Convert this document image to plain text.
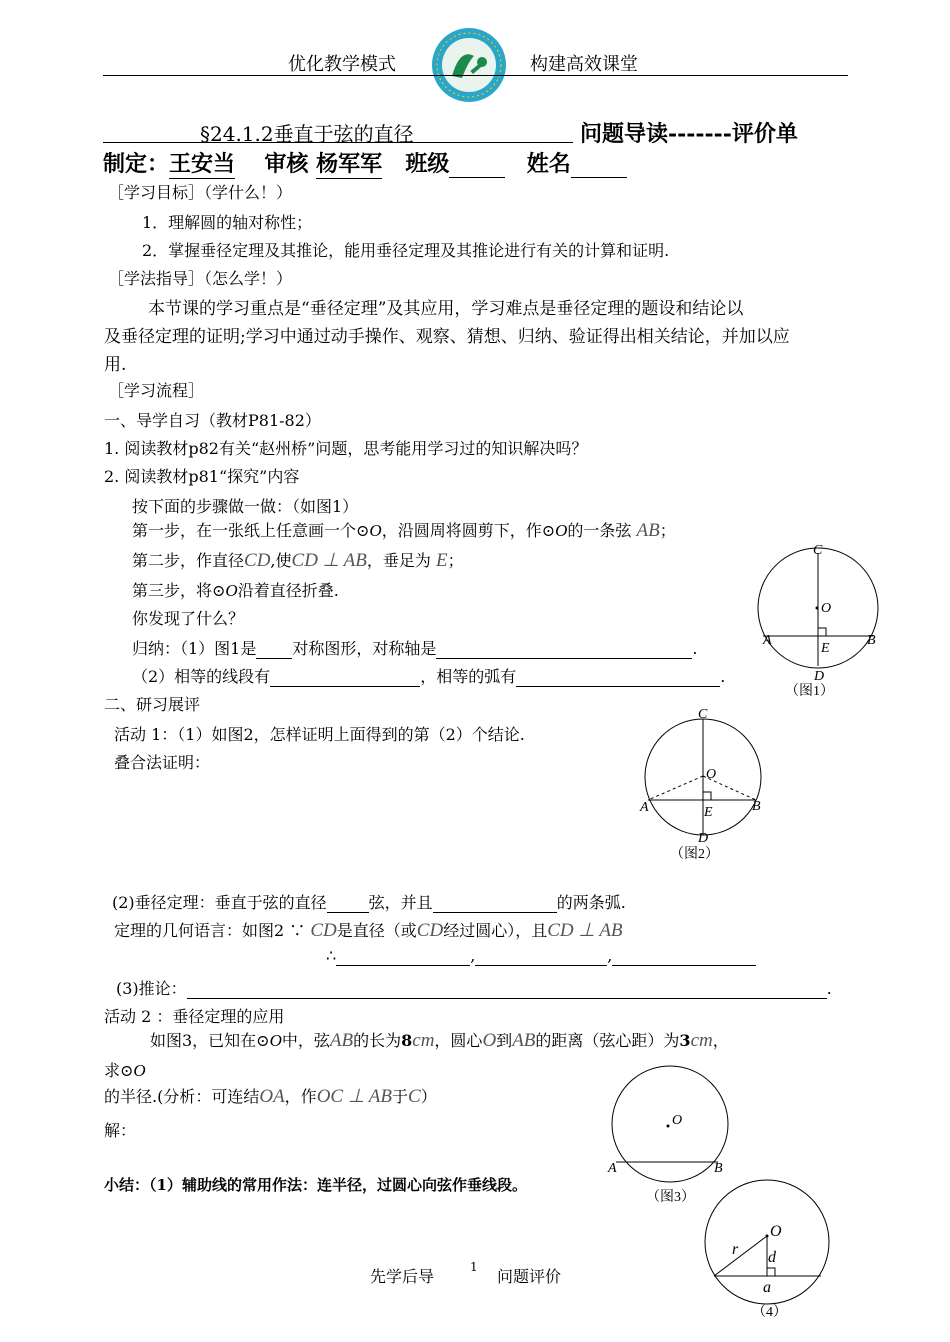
优化教学模式	构建高效课堂
§24.1.2垂直于弦的直径	问题导读-------评价单
制定：王安当 审核 杨军军 班级	姓名
［学习目标］（学什么！）
1．理解圆的轴对称性；
2．掌握垂径定理及其推论，能用垂径定理及其推论进行有关的计算和证明.
［学法指导］（怎么学！）
本节课的学习重点是“垂径定理”及其应用，学习难点是垂径定理的题设和结论以
及垂径定理的证明;学习中通过动手操作、观察、猜想、归纳、验证得出相关结论，并加以应
用.
［学习流程］
一、导学自习（教材P81-82）
1. 阅读教材p82有关“赵州桥”问题，思考能用学习过的知识解决吗？
2. 阅读教材p81“探究”内容
按下面的步骤做一做：（如图1）
第一步，在一张纸上任意画一个⊙O，沿圆周将圆剪下，作⊙O的一条弦 AB；
第二步，作直径CD,使CD ⊥ AB，垂足为 E；
第三步，将⊙O沿着直径折叠.
你发现了什么？
归纳：（1）图1是 对称图形，对称轴是	.
（2）相等的线段有	，相等的弧有	.
C
O
A	B
E
D
（图1）
二、研习展评
活动 1：（1）如图2，怎样证明上面得到的第（2）个结论.
叠合法证明：
C
O
A	B
E
D
（图2）
(2)垂径定理：垂直于弦的直径	弦，并且	的两条弧.
定理的几何语言：如图2 ∵ CD是直径（或CD经过圆心），且CD ⊥ AB
∴	,	,
(3)推论：	.
活动 2 ：垂径定理的应用
如图3，已知在⊙O中，弦AB的长为8cm，圆心O到AB的距离（弦心距）为3cm，
求⊙O
的半径.(分析：可连结OA，作OC ⊥ AB于C）
解：
小结：（1）辅助线的常用作法：连半径，过圆心向弦作垂线段。
O
A	B
（图3）
O
r d
a
（4）
先学后导	1 问题评价
